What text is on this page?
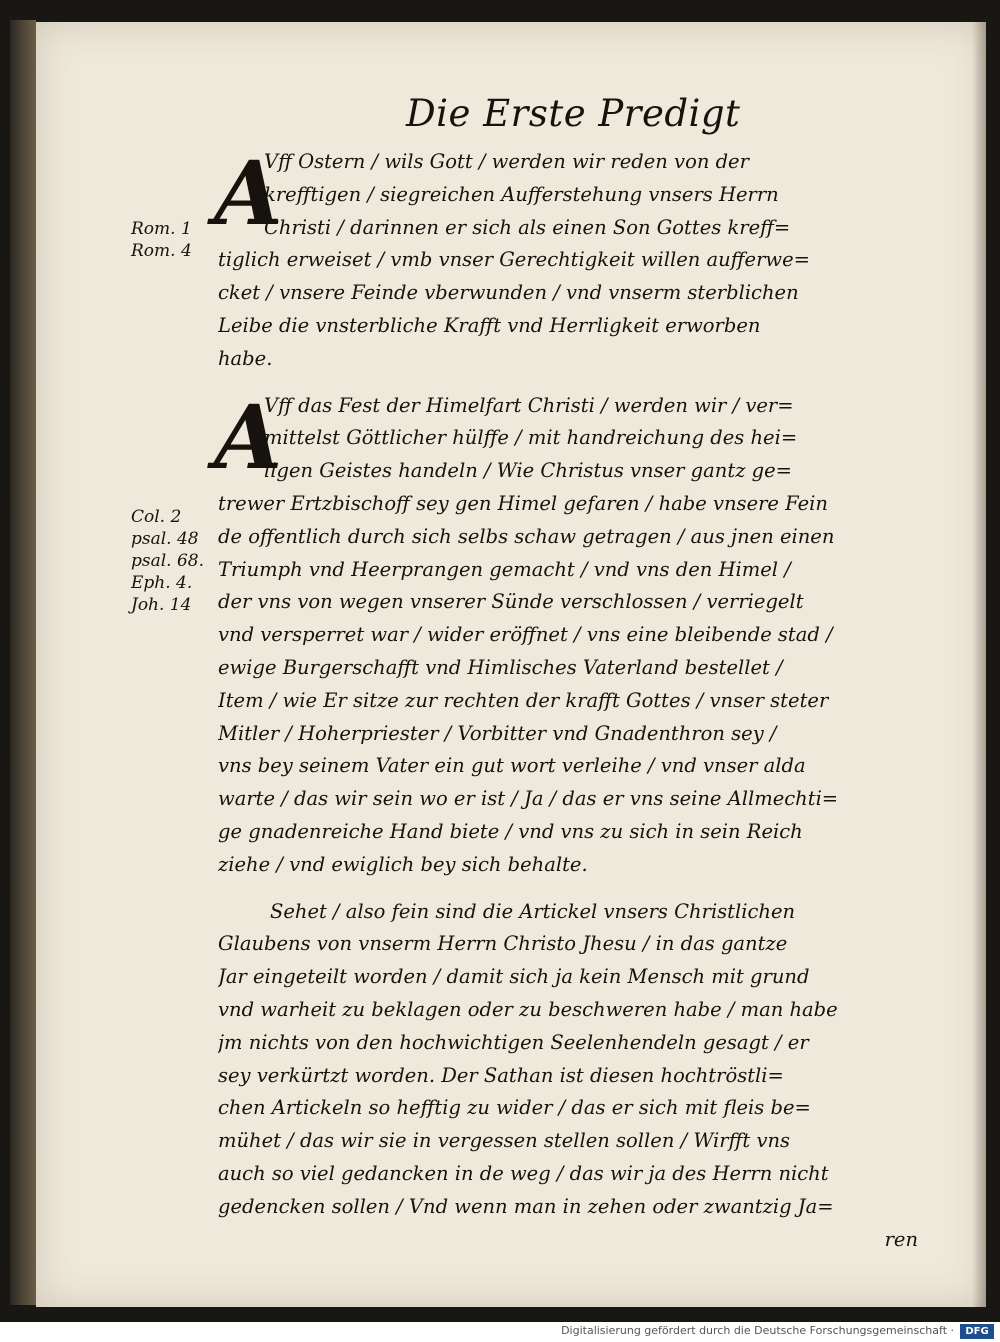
Die Erste Predigt
Rom. 1
Rom. 4
Col. 2
psal. 48
psal. 68.
Eph. 4.
Joh. 14
A
Vff Ostern / wils Gott / werden wir reden von der
krefftigen / siegreichen Aufferstehung vnsers Herrn
Christi / darinnen er sich als einen Son Gottes kreff=
tiglich erweiset / vmb vnser Gerechtigkeit willen aufferwe=
cket / vnsere Feinde vberwunden / vnd vnserm sterblichen
Leibe die vnsterbliche Krafft vnd Herrligkeit erworben
habe.
A
Vff das Fest der Himelfart Christi / werden wir / ver=
mittelst Göttlicher hülffe / mit handreichung des hei=
ligen Geistes handeln / Wie Christus vnser gantz ge=
trewer Ertzbischoff sey gen Himel gefaren / habe vnsere Fein
de offentlich durch sich selbs schaw getragen / aus jnen einen
Triumph vnd Heerprangen gemacht / vnd vns den Himel /
der vns von wegen vnserer Sünde verschlossen / verriegelt
vnd versperret war / wider eröffnet / vns eine bleibende stad /
ewige Burgerschafft vnd Himlisches Vaterland bestellet /
Item / wie Er sitze zur rechten der krafft Gottes / vnser steter
Mitler / Hoherpriester / Vorbitter vnd Gnadenthron sey /
vns bey seinem Vater ein gut wort verleihe / vnd vnser alda
warte / das wir sein wo er ist / Ja / das er vns seine Allmechti=
ge gnadenreiche Hand biete / vnd vns zu sich in sein Reich
ziehe / vnd ewiglich bey sich behalte.
Sehet / also fein sind die Artickel vnsers Christlichen
Glaubens von vnserm Herrn Christo Jhesu / in das gantze
Jar eingeteilt worden / damit sich ja kein Mensch mit grund
vnd warheit zu beklagen oder zu beschweren habe / man habe
jm nichts von den hochwichtigen Seelenhendeln gesagt / er
sey verkürtzt worden. Der Sathan ist diesen hochtröstli=
chen Artickeln so hefftig zu wider / das er sich mit fleis be=
mühet / das wir sie in vergessen stellen sollen / Wirfft vns
auch so viel gedancken in de weg / das wir ja des Herrn nicht
gedencken sollen / Vnd wenn man in zehen oder zwantzig Ja=
ren
Digitalisierung gefördert durch die Deutsche Forschungsgemeinschaft ·	DFG
